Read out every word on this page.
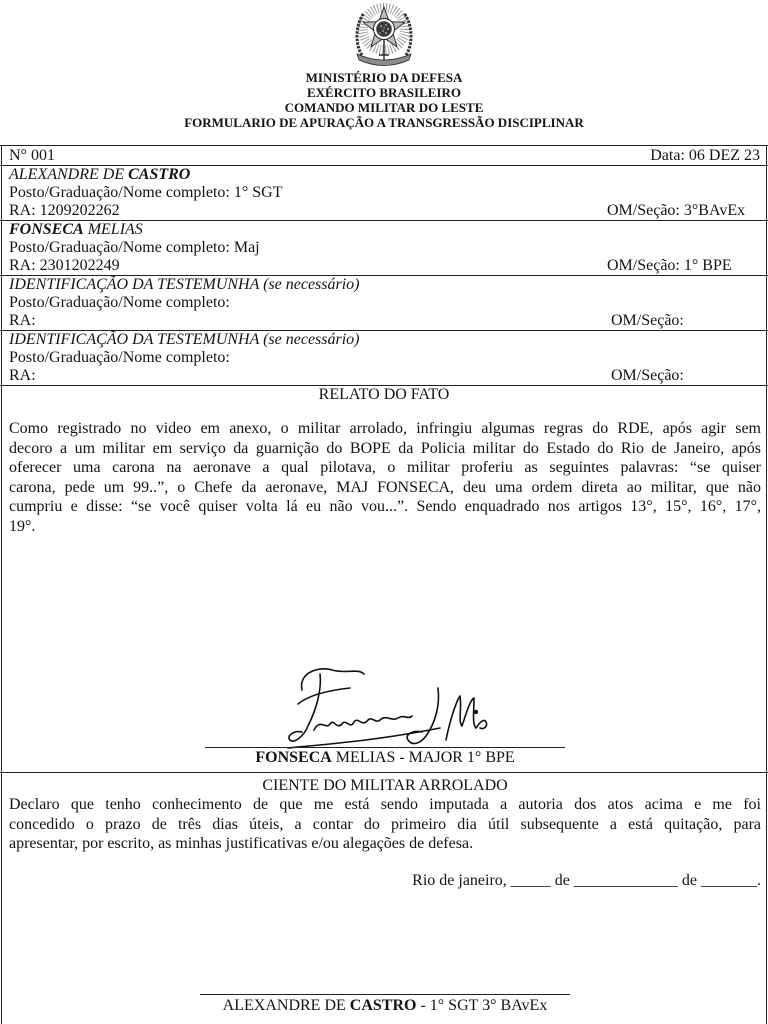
MINISTÉRIO DA DEFESA
EXÉRCITO BRASILEIRO
COMANDO MILITAR DO LESTE
FORMULARIO DE APURAÇÃO A TRANSGRESSÃO DISCIPLINAR
N° 001	Data: 06 DEZ 23
ALEXANDRE DE CASTRO
Posto/Graduação/Nome completo: 1° SGT
RA: 1209202262	OM/Seção: 3°BAvEx
FONSECA MELIAS
Posto/Graduação/Nome completo: Maj
RA: 2301202249	OM/Seção: 1° BPE
IDENTIFICAÇÃO DA TESTEMUNHA (se necessário)
Posto/Graduação/Nome completo:
RA:	OM/Seção:
IDENTIFICAÇÃO DA TESTEMUNHA (se necessário)
Posto/Graduação/Nome completo:
RA:	OM/Seção:
RELATO DO FATO
Como registrado no video em anexo, o militar arrolado, infringiu algumas regras do RDE, após agir sem
decoro a um militar em serviço da guarnição do BOPE da Policia militar do Estado do Rio de Janeiro, após
oferecer uma carona na aeronave a qual pilotava, o militar proferiu as seguintes palavras: “se quiser
carona, pede um 99..”, o Chefe da aeronave, MAJ FONSECA, deu uma ordem direta ao militar, que não
cumpriu e disse: “se você quiser volta lá eu não vou...”. Sendo enquadrado nos artigos 13°, 15°, 16°, 17°,
19°.
FONSECA MELIAS - MAJOR 1° BPE
CIENTE DO MILITAR ARROLADO
Declaro que tenho conhecimento de que me está sendo imputada a autoria dos atos acima e me foi
concedido o prazo de três dias úteis, a contar do primeiro dia útil subsequente a está quitação, para
apresentar, por escrito, as minhas justificativas e/ou alegações de defesa.
Rio de janeiro, _____ de _____________ de _______.
ALEXANDRE DE CASTRO - 1° SGT 3° BAvEx
